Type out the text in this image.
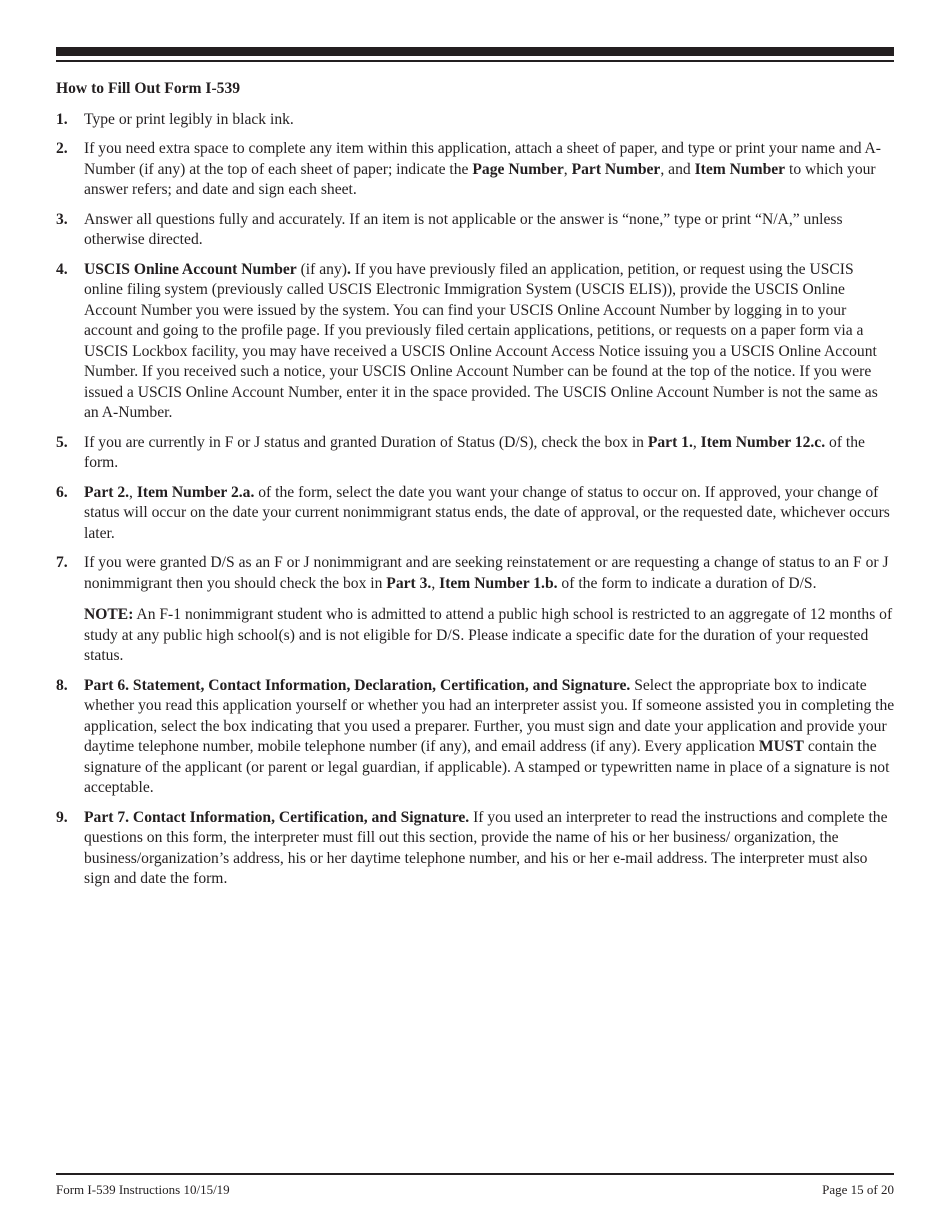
How to Fill Out Form I-539
1. Type or print legibly in black ink.
2. If you need extra space to complete any item within this application, attach a sheet of paper, and type or print your name and A-Number (if any) at the top of each sheet of paper; indicate the Page Number, Part Number, and Item Number to which your answer refers; and date and sign each sheet.
3. Answer all questions fully and accurately. If an item is not applicable or the answer is “none,” type or print “N/A,” unless otherwise directed.
4. USCIS Online Account Number (if any). If you have previously filed an application, petition, or request using the USCIS online filing system (previously called USCIS Electronic Immigration System (USCIS ELIS)), provide the USCIS Online Account Number you were issued by the system. You can find your USCIS Online Account Number by logging in to your account and going to the profile page. If you previously filed certain applications, petitions, or requests on a paper form via a USCIS Lockbox facility, you may have received a USCIS Online Account Access Notice issuing you a USCIS Online Account Number. If you received such a notice, your USCIS Online Account Number can be found at the top of the notice. If you were issued a USCIS Online Account Number, enter it in the space provided. The USCIS Online Account Number is not the same as an A-Number.
5. If you are currently in F or J status and granted Duration of Status (D/S), check the box in Part 1., Item Number 12.c. of the form.
6. Part 2., Item Number 2.a. of the form, select the date you want your change of status to occur on. If approved, your change of status will occur on the date your current nonimmigrant status ends, the date of approval, or the requested date, whichever occurs later.
7. If you were granted D/S as an F or J nonimmigrant and are seeking reinstatement or are requesting a change of status to an F or J nonimmigrant then you should check the box in Part 3., Item Number 1.b. of the form to indicate a duration of D/S.
NOTE: An F-1 nonimmigrant student who is admitted to attend a public high school is restricted to an aggregate of 12 months of study at any public high school(s) and is not eligible for D/S. Please indicate a specific date for the duration of your requested status.
8. Part 6. Statement, Contact Information, Declaration, Certification, and Signature. Select the appropriate box to indicate whether you read this application yourself or whether you had an interpreter assist you. If someone assisted you in completing the application, select the box indicating that you used a preparer. Further, you must sign and date your application and provide your daytime telephone number, mobile telephone number (if any), and email address (if any). Every application MUST contain the signature of the applicant (or parent or legal guardian, if applicable). A stamped or typewritten name in place of a signature is not acceptable.
9. Part 7. Contact Information, Certification, and Signature. If you used an interpreter to read the instructions and complete the questions on this form, the interpreter must fill out this section, provide the name of his or her business/ organization, the business/organization’s address, his or her daytime telephone number, and his or her e-mail address. The interpreter must also sign and date the form.
Form I-539 Instructions 10/15/19	Page 15 of 20
